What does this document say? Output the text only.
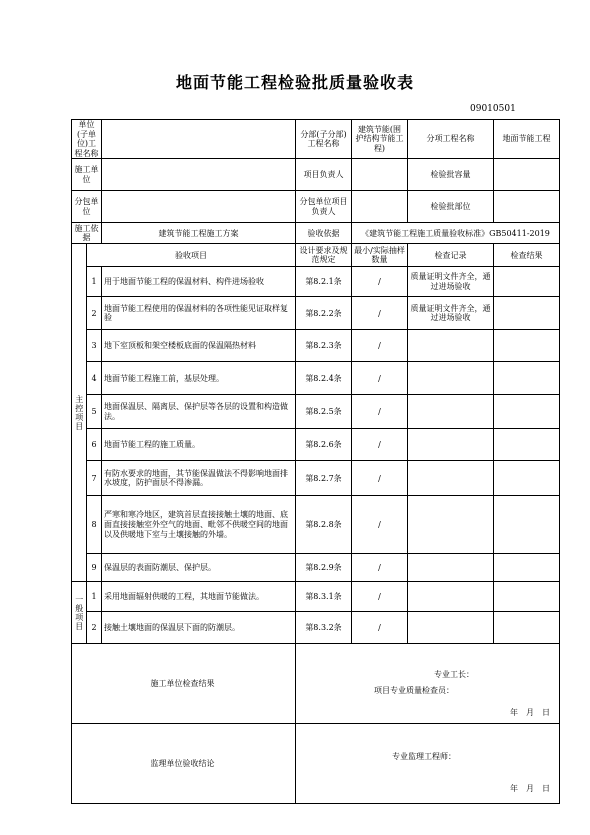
地面节能工程检验批质量验收表
09010501
单位(子单位)工程名称			分部(子分部)工程名称	建筑节能(围护结构节能工程)	分项工程名称	地面节能工程
施工单位			项目负责人		检验批容量	
分包单位			分包单位项目负责人		检验批部位	
施工依据		建筑节能工程施工方案	验收依据	《建筑节能工程施工质量验收标准》GB50411-2019		
主控项目	验收项目		设计要求及规范规定	最小/实际抽样数量	检查记录	检查结果
	1	用于地面节能工程的保温材料、构件进场验收	第8.2.1条	/	质量证明文件齐全，通过进场验收	
	2	地面节能工程使用的保温材料的各项性能见证取样复验	第8.2.2条	/	质量证明文件齐全，通过进场验收	
	3	地下室顶板和架空楼板底面的保温隔热材料	第8.2.3条	/		
	4	地面节能工程施工前，基层处理。	第8.2.4条	/		
	5	地面保温层、隔离层、保护层等各层的设置和构造做法。	第8.2.5条	/		
	6	地面节能工程的施工质量。	第8.2.6条	/		
	7	有防水要求的地面，其节能保温做法不得影响地面排水坡度，防护面层不得渗漏。	第8.2.7条	/		
	8	严寒和寒冷地区，建筑首层直接接触土壤的地面、底面直接接触室外空气的地面、毗邻不供暖空间的地面以及供暖地下室与土壤接触的外墙。	第8.2.8条	/		
	9	保温层的表面防潮层、保护层。	第8.2.9条	/		
一般项目	1	采用地面辐射供暖的工程，其地面节能做法。	第8.3.1条	/		
	2	接触土壤地面的保温层下面的防潮层。	第8.3.2条	/		
施工单位检查结果			专业工长：
项目专业质量检查员：
年　月　日			

监理单位验收结论			专业监理工程师：
年　月　日			
